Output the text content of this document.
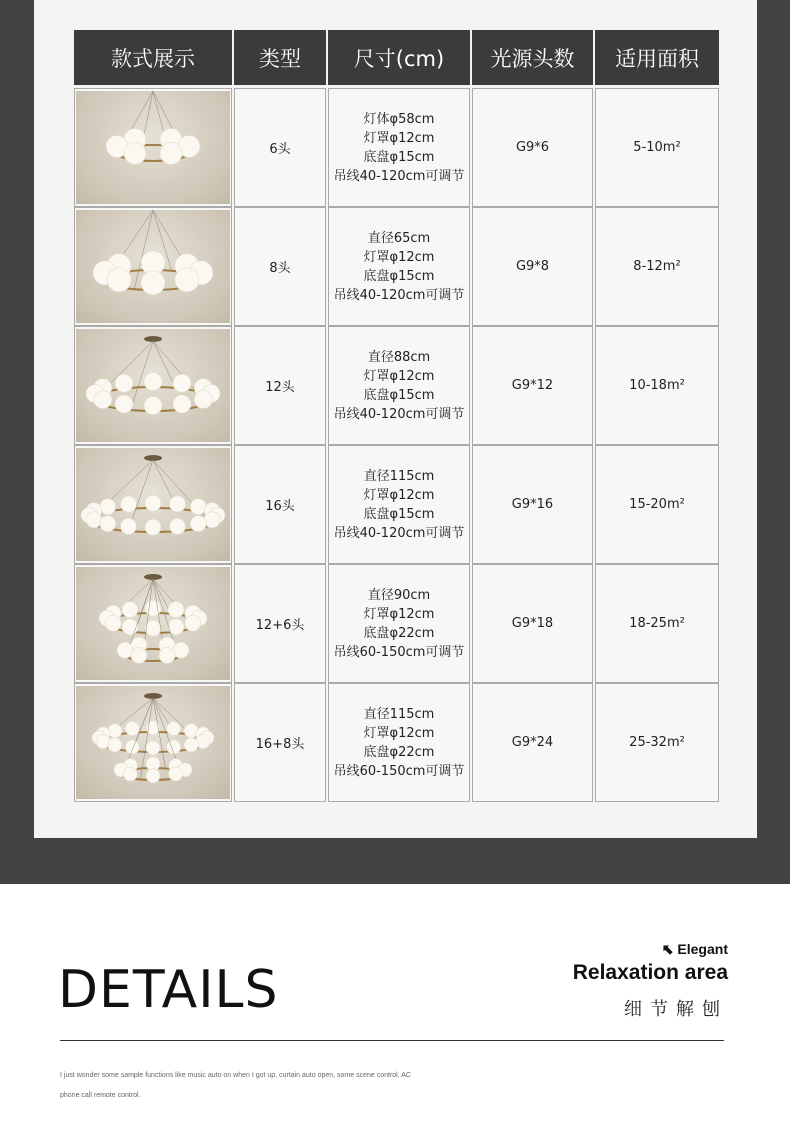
款式展示	类型	尺寸(cm)	光源头数	适用面积

	6头	灯体φ58cm
灯罩φ12cm
底盘φ15cm
吊线40-120cm可调节	G9*6	5-10m²

	8头	直径65cm
灯罩φ12cm
底盘φ15cm
吊线40-120cm可调节	G9*8	8-12m²

	12头	直径88cm
灯罩φ12cm
底盘φ15cm
吊线40-120cm可调节	G9*12	10-18m²

	16头	直径115cm
灯罩φ12cm
底盘φ15cm
吊线40-120cm可调节	G9*16	15-20m²

	12+6头	直径90cm
灯罩φ12cm
底盘φ22cm
吊线60-150cm可调节	G9*18	18-25m²

	16+8头	直径115cm
灯罩φ12cm
底盘φ22cm
吊线60-150cm可调节	G9*24	25-32m²
DETAILS
⬉ Elegant
Relaxation area
细节解刨
I just wonder some sample functions like music auto on when I got up, curtain auto open, some scene control, AC phone call remote control.
